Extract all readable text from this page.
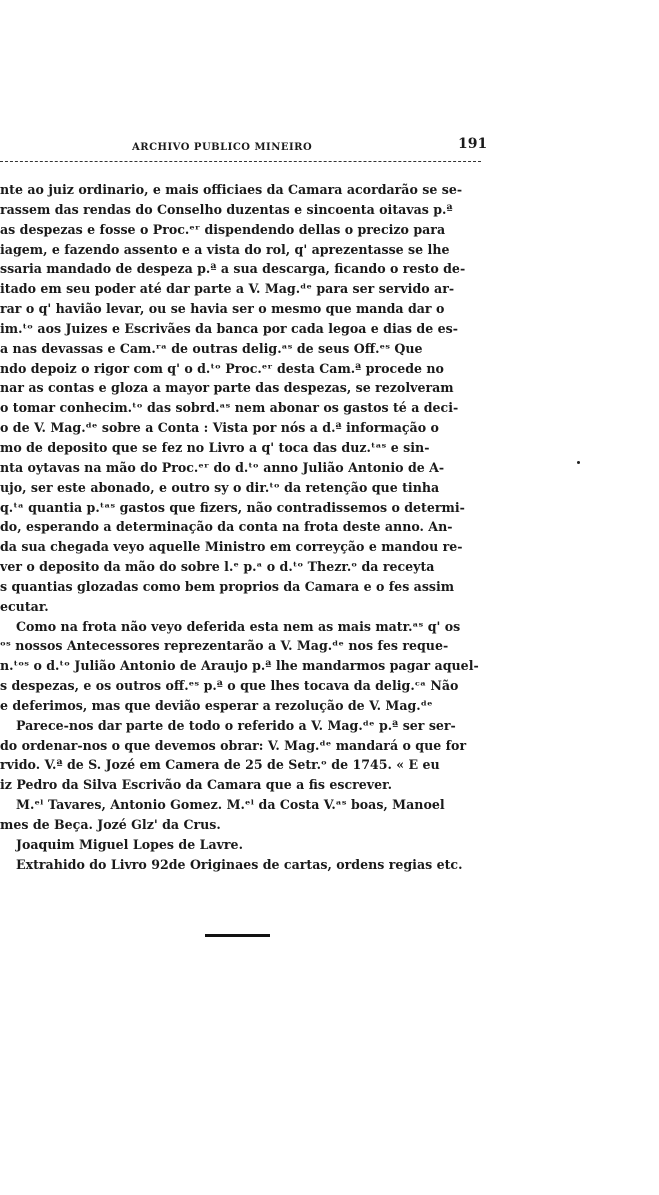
ARCHIVO PUBLICO MINEIRO	191
nte ao juiz ordinario, e mais officiaes da Camara acordarão se se-
rassem das rendas do Conselho duzentas e sincoenta oitavas p.ª
as despezas e fosse o Proc.ᵉʳ dispendendo dellas o precizo para
iagem, e fazendo assento e a vista do rol, q' aprezentasse se lhe
ssaria mandado de despeza p.ª a sua descarga, ficando o resto de-
itado em seu poder até dar parte a V. Mag.ᵈᵉ para ser servido ar-
rar o q' havião levar, ou se havia ser o mesmo que manda dar o
im.ᵗᵒ aos Juizes e Escrivães da banca por cada legoa e dias de es-
a nas devassas e Cam.ʳᵃ de outras delig.ᵃˢ de seus Off.ᵉˢ Que
ndo depoiz o rigor com q' o d.ᵗᵒ Proc.ᵉʳ desta Cam.ª procede no
nar as contas e gloza a mayor parte das despezas, se rezolveram
o tomar conhecim.ᵗᵒ das sobrd.ᵃˢ nem abonar os gastos té a deci-
o de V. Mag.ᵈᵉ sobre a Conta : Vista por nós a d.ª informação o
mo de deposito que se fez no Livro a q' toca das duz.ᵗᵃˢ e sin-
nta oytavas na mão do Proc.ᵉʳ do d.ᵗᵒ anno Julião Antonio de A-
ujo, ser este abonado, e outro sy o dir.ᵗᵒ da retenção que tinha
q.ᵗᵃ quantia p.ᵗᵃˢ gastos que fizers, não contradissemos o determi-
do, esperando a determinação da conta na frota deste anno. An-
da sua chegada veyo aquelle Ministro em correyção e mandou re-
ver o deposito da mão do sobre l.ᵉ p.ᵃ o d.ᵗᵒ Thezr.ᵒ da receyta
s quantias glozadas como bem proprios da Camara e o fes assim
ecutar.
Como na frota não veyo deferida esta nem as mais matr.ᵃˢ q' os
ᵒˢ nossos Antecessores reprezentarão a V. Mag.ᵈᵉ nos fes reque-
n.ᵗᵒˢ o d.ᵗᵒ Julião Antonio de Araujo p.ª lhe mandarmos pagar aquel-
s despezas, e os outros off.ᵉˢ p.ª o que lhes tocava da delig.ᶜᵃ Não
e deferimos, mas que devião esperar a rezolução de V. Mag.ᵈᵉ
Parece-nos dar parte de todo o referido a V. Mag.ᵈᵉ p.ª ser ser-
do ordenar-nos o que devemos obrar: V. Mag.ᵈᵉ mandará o que for
rvido. V.ª de S. Jozé em Camera de 25 de Setr.ᵒ de 1745. « E eu
iz Pedro da Silva Escrivão da Camara que a fis escrever.
M.ᵉˡ Tavares, Antonio Gomez. M.ᵉˡ da Costa V.ᵃˢ boas, Manoel
mes de Beça. Jozé Glz' da Crus.
Joaquim Miguel Lopes de Lavre.
Extrahido do Livro 92de Originaes de cartas, ordens regias etc.
